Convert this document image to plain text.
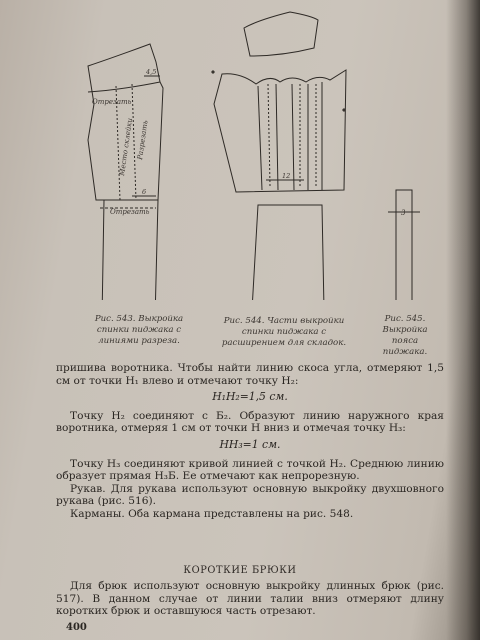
Отрезать
Место склейки Разрезать
Отрезать
4,5
6
12
3
Рис. 543. Выкройка спинки пиджака с линиями разреза.
Рис. 544. Части выкройки спинки пиджака с расширением для складок.
Рис. 545. Выкройка пояса пиджака.

пришива воротника. Чтобы найти линию скоса угла, отмеряют 1,5 см от точки H₁ влево и отмечают точку H₂:

H₁H₂=1,5 см.

Точку H₂ соединяют с Б₂. Образуют линию наружного края воротника, отмеряя 1 см от точки H вниз и отмечая точку H₃:

HH₃=1 см.

Точку H₃ соединяют кривой линией с точкой H₂. Среднюю линию образует прямая H₃Б. Ее отмечают как непрорезную.

Рукав. Для рукава используют основную выкройку двухшовного рукава (рис. 516).

Карманы. Оба кармана представлены на рис. 548.

КОРОТКИЕ БРЮКИ

Для брюк используют основную выкройку длинных брюк (рис. 517). В данном случае от линии талии вниз отмеряют длину коротких брюк и оставшуюся часть отрезают.

400
